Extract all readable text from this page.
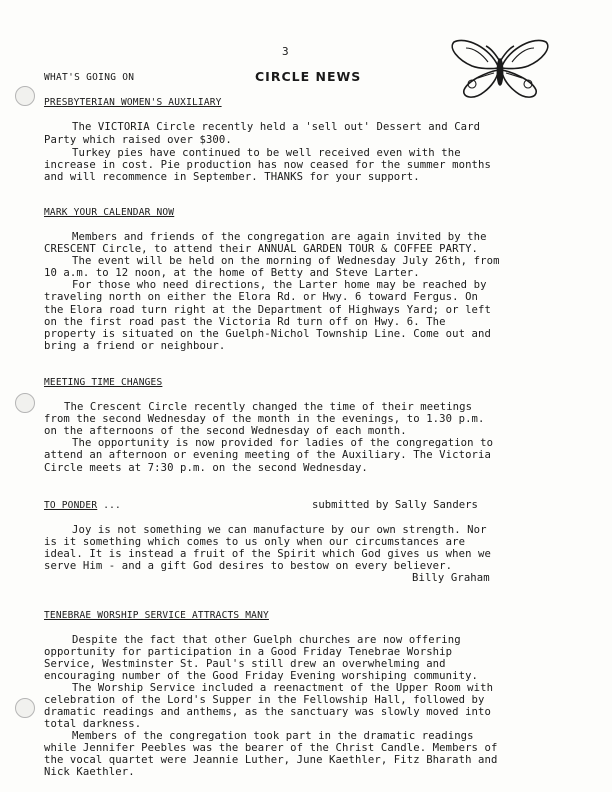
3
WHAT'S GOING ON	CIRCLE NEWS
PRESBYTERIAN WOMEN'S AUXILIARY
The VICTORIA Circle recently held a 'sell out' Dessert and Card
Party which raised over $300.
Turkey pies have continued to be well received even with the
increase in cost. Pie production has now ceased for the summer months
and will recommence in September. THANKS for your support.
MARK YOUR CALENDAR NOW
Members and friends of the congregation are again invited by the
CRESCENT Circle, to attend their ANNUAL GARDEN TOUR & COFFEE PARTY.
The event will be held on the morning of Wednesday July 26th, from
10 a.m. to 12 noon, at the home of Betty and Steve Larter.
For those who need directions, the Larter home may be reached by
traveling north on either the Elora Rd. or Hwy. 6 toward Fergus. On
the Elora road turn right at the Department of Highways Yard; or left
on the first road past the Victoria Rd turn off on Hwy. 6. The
property is situated on the Guelph-Nichol Township Line. Come out and
bring a friend or neighbour.
MEETING TIME CHANGES
The Crescent Circle recently changed the time of their meetings
from the second Wednesday of the month in the evenings, to 1.30 p.m.
on the afternoons of the second Wednesday of each month.
The opportunity is now provided for ladies of the congregation to
attend an afternoon or evening meeting of the Auxiliary. The Victoria
Circle meets at 7:30 p.m. on the second Wednesday.
TO PONDER ...	submitted by Sally Sanders
Joy is not something we can manufacture by our own strength. Nor
is it something which comes to us only when our circumstances are
ideal. It is instead a fruit of the Spirit which God gives us when we
serve Him - and a gift God desires to bestow on every believer.
Billy Graham
TENEBRAE WORSHIP SERVICE ATTRACTS MANY
Despite the fact that other Guelph churches are now offering
opportunity for participation in a Good Friday Tenebrae Worship
Service, Westminster St. Paul's still drew an overwhelming and
encouraging number of the Good Friday Evening worshiping community.
The Worship Service included a reenactment of the Upper Room with
celebration of the Lord's Supper in the Fellowship Hall, followed by
dramatic readings and anthems, as the sanctuary was slowly moved into
total darkness.
Members of the congregation took part in the dramatic readings
while Jennifer Peebles was the bearer of the Christ Candle. Members of
the vocal quartet were Jeannie Luther, June Kaethler, Fitz Bharath and
Nick Kaethler.
